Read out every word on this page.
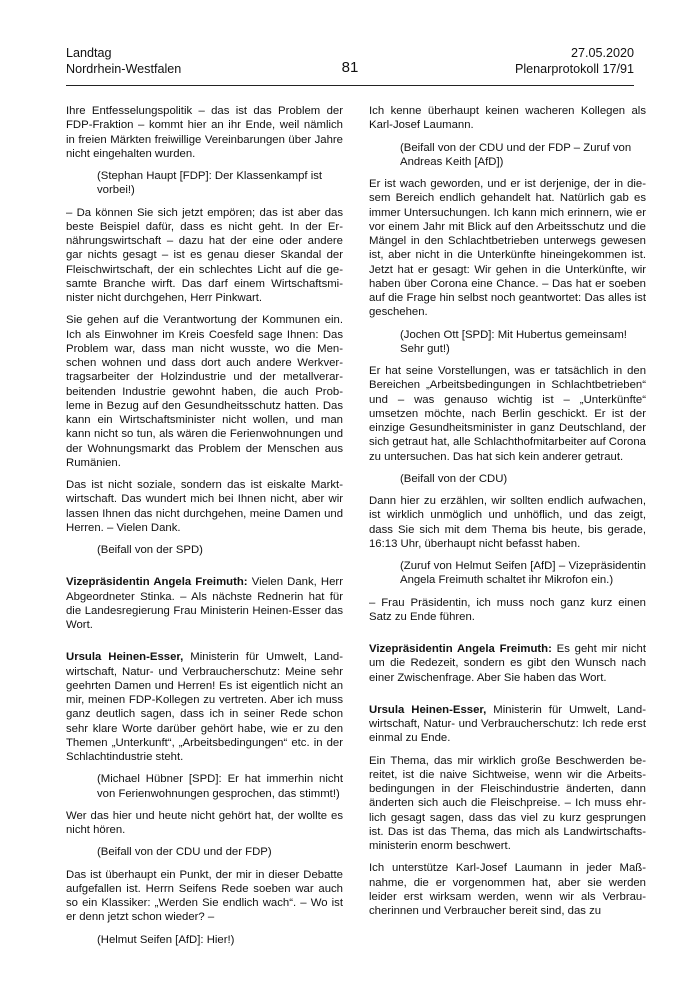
Landtag
Nordrhein-Westfalen	81
27.05.2020
Plenarprotokoll 17/91

Ihre Entfesselungspolitik – das ist das Problem der FDP-Fraktion – kommt hier an ihr Ende, weil nämlich in freien Märkten freiwillige Vereinbarungen über Jahre nicht eingehalten wurden.

(Stephan Haupt [FDP]: Der Klassenkampf ist vorbei!)

– Da können Sie sich jetzt empören; das ist aber das beste Beispiel dafür, dass es nicht geht. In der Ernährungswirtschaft – dazu hat der eine oder andere gar nichts gesagt – ist es genau dieser Skandal der Fleischwirtschaft, der ein schlechtes Licht auf die gesamte Branche wirft. Das darf einem Wirtschaftsminister nicht durchgehen, Herr Pinkwart.

Sie gehen auf die Verantwortung der Kommunen ein. Ich als Einwohner im Kreis Coesfeld sage Ihnen: Das Problem war, dass man nicht wusste, wo die Menschen wohnen und dass dort auch andere Werkvertragsarbeiter der Holzindustrie und der metallverarbeitenden Industrie gewohnt haben, die auch Probleme in Bezug auf den Gesundheitsschutz hatten. Das kann ein Wirtschaftsminister nicht wollen, und man kann nicht so tun, als wären die Ferienwohnungen und der Wohnungsmarkt das Problem der Menschen aus Rumänien.

Das ist nicht soziale, sondern das ist eiskalte Marktwirtschaft. Das wundert mich bei Ihnen nicht, aber wir lassen Ihnen das nicht durchgehen, meine Damen und Herren. – Vielen Dank.

(Beifall von der SPD)

Vizepräsidentin Angela Freimuth: Vielen Dank, Herr Abgeordneter Stinka. – Als nächste Rednerin hat für die Landesregierung Frau Ministerin Heinen-Esser das Wort.

Ursula Heinen-Esser, Ministerin für Umwelt, Landwirtschaft, Natur- und Verbraucherschutz: Meine sehr geehrten Damen und Herren! Es ist eigentlich nicht an mir, meinen FDP-Kollegen zu vertreten. Aber ich muss ganz deutlich sagen, dass ich in seiner Rede schon sehr klare Worte darüber gehört habe, wie er zu den Themen „Unterkunft“, „Arbeitsbedingungen“ etc. in der Schlachtindustrie steht.

(Michael Hübner [SPD]: Er hat immerhin nicht von Ferienwohnungen gesprochen, das stimmt!)

Wer das hier und heute nicht gehört hat, der wollte es nicht hören.

(Beifall von der CDU und der FDP)

Das ist überhaupt ein Punkt, der mir in dieser Debatte aufgefallen ist. Herrn Seifens Rede soeben war auch so ein Klassiker: „Werden Sie endlich wach“. – Wo ist er denn jetzt schon wieder? –

(Helmut Seifen [AfD]: Hier!)

Ich kenne überhaupt keinen wacheren Kollegen als Karl-Josef Laumann.

(Beifall von der CDU und der FDP – Zuruf von Andreas Keith [AfD])

Er ist wach geworden, und er ist derjenige, der in diesem Bereich endlich gehandelt hat. Natürlich gab es immer Untersuchungen. Ich kann mich erinnern, wie er vor einem Jahr mit Blick auf den Arbeitsschutz und die Mängel in den Schlachtbetrieben unterwegs gewesen ist, aber nicht in die Unterkünfte hineingekommen ist. Jetzt hat er gesagt: Wir gehen in die Unterkünfte, wir haben über Corona eine Chance. – Das hat er soeben auf die Frage hin selbst noch geantwortet: Das alles ist geschehen.

(Jochen Ott [SPD]: Mit Hubertus gemeinsam! Sehr gut!)

Er hat seine Vorstellungen, was er tatsächlich in den Bereichen „Arbeitsbedingungen in Schlachtbetrieben“ und – was genauso wichtig ist – „Unterkünfte“ umsetzen möchte, nach Berlin geschickt. Er ist der einzige Gesundheitsminister in ganz Deutschland, der sich getraut hat, alle Schlachthofmitarbeiter auf Corona zu untersuchen. Das hat sich kein anderer getraut.

(Beifall von der CDU)

Dann hier zu erzählen, wir sollten endlich aufwachen, ist wirklich unmöglich und unhöflich, und das zeigt, dass Sie sich mit dem Thema bis heute, bis gerade, 16:13 Uhr, überhaupt nicht befasst haben.

(Zuruf von Helmut Seifen [AfD] – Vizepräsidentin Angela Freimuth schaltet ihr Mikrofon ein.)

– Frau Präsidentin, ich muss noch ganz kurz einen Satz zu Ende führen.

Vizepräsidentin Angela Freimuth: Es geht mir nicht um die Redezeit, sondern es gibt den Wunsch nach einer Zwischenfrage. Aber Sie haben das Wort.

Ursula Heinen-Esser, Ministerin für Umwelt, Landwirtschaft, Natur- und Verbraucherschutz: Ich rede erst einmal zu Ende.

Ein Thema, das mir wirklich große Beschwerden bereitet, ist die naive Sichtweise, wenn wir die Arbeitsbedingungen in der Fleischindustrie änderten, dann änderten sich auch die Fleischpreise. – Ich muss ehrlich gesagt sagen, dass das viel zu kurz gesprungen ist. Das ist das Thema, das mich als Landwirtschaftsministerin enorm beschwert.

Ich unterstütze Karl-Josef Laumann in jeder Maßnahme, die er vorgenommen hat, aber sie werden leider erst wirksam werden, wenn wir als Verbraucherinnen und Verbraucher bereit sind, das zu
